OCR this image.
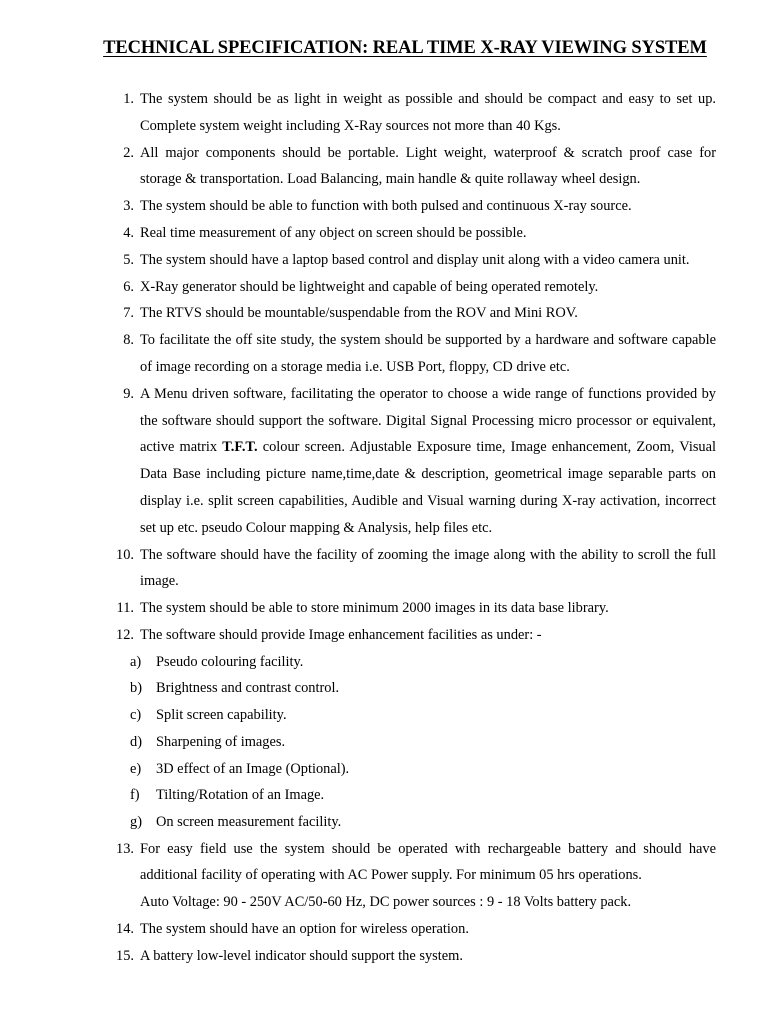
TECHNICAL SPECIFICATION: REAL TIME X-RAY VIEWING SYSTEM
1. The system should be as light in weight as possible and should be compact and easy to set up. Complete system weight including X-Ray sources not more than 40 Kgs.
2. All major components should be portable. Light weight, waterproof & scratch proof case for storage & transportation. Load Balancing, main handle & quite rollaway wheel design.
3. The system should be able to function with both pulsed and continuous X-ray source.
4. Real time measurement of any object on screen should be possible.
5. The system should have a laptop based control and display unit along with a video camera unit.
6. X-Ray generator should be lightweight and capable of being operated remotely.
7. The RTVS should be mountable/suspendable from the ROV and Mini ROV.
8. To facilitate the off site study, the system should be supported by a hardware and software capable of image recording on a storage media i.e. USB Port, floppy, CD drive etc.
9. A Menu driven software, facilitating the operator to choose a wide range of functions provided by the software should support the software. Digital Signal Processing micro processor or equivalent, active matrix T.F.T. colour screen. Adjustable Exposure time, Image enhancement, Zoom, Visual Data Base including picture name,time,date & description, geometrical image separable parts on display i.e. split screen capabilities, Audible and Visual warning during X-ray activation, incorrect set up etc. pseudo Colour mapping & Analysis, help files etc.
10. The software should have the facility of zooming the image along with the ability to scroll the full image.
11. The system should be able to store minimum 2000 images in its data base library.
12. The software should provide Image enhancement facilities as under: -
a) Pseudo colouring facility.
b) Brightness and contrast control.
c) Split screen capability.
d) Sharpening of images.
e) 3D effect of an Image (Optional).
f) Tilting/Rotation of an Image.
g) On screen measurement facility.
13. For easy field use the system should be operated with rechargeable battery and should have additional facility of operating with AC Power supply. For minimum 05 hrs operations.
Auto Voltage: 90 - 250V AC/50-60 Hz, DC power sources : 9 - 18 Volts battery pack.
14. The system should have an option for wireless operation.
15. A battery low-level indicator should support the system.
